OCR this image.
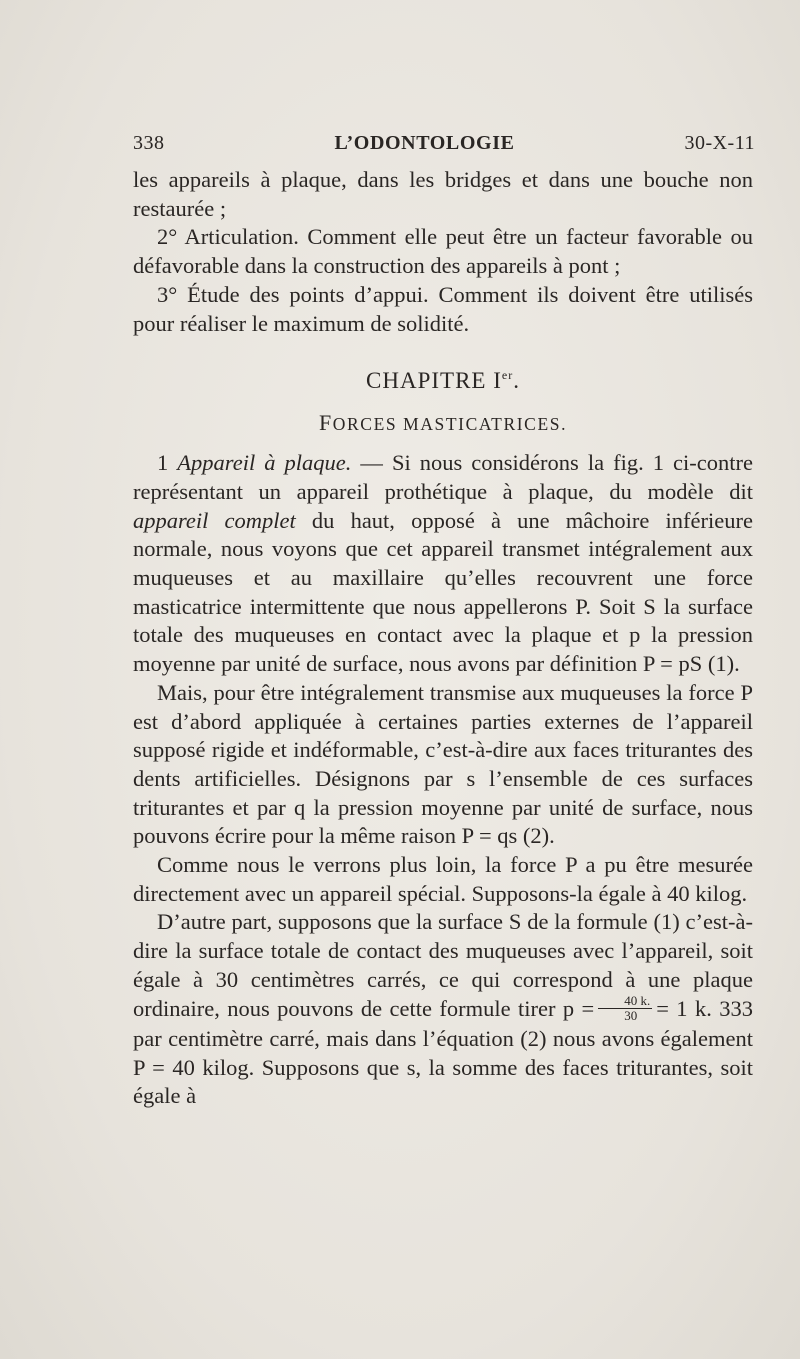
338	L’ODONTOLOGIE	30-X-11

les appareils à plaque, dans les bridges et dans une bouche non restaurée ;

2° Articulation. Comment elle peut être un facteur favorable ou défavorable dans la construction des appareils à pont ;

3° Étude des points d’appui. Comment ils doivent être utilisés pour réaliser le maximum de solidité.

CHAPITRE Ier.
FORCES MASTICATRICES.

1 Appareil à plaque. — Si nous considérons la fig. 1 ci-contre représentant un appareil prothétique à plaque, du modèle dit appareil complet du haut, opposé à une mâchoire inférieure normale, nous voyons que cet appareil transmet intégralement aux muqueuses et au maxillaire qu’elles recouvrent une force masticatrice intermittente que nous appellerons P. Soit S la surface totale des muqueuses en contact avec la plaque et p la pression moyenne par unité de surface, nous avons par définition P = pS (1).

Mais, pour être intégralement transmise aux muqueuses la force P est d’abord appliquée à certaines parties externes de l’appareil supposé rigide et indéformable, c’est-à-dire aux faces triturantes des dents artificielles. Désignons par s l’ensemble de ces surfaces triturantes et par q la pression moyenne par unité de surface, nous pouvons écrire pour la même raison P = qs (2).

Comme nous le verrons plus loin, la force P a pu être mesurée directement avec un appareil spécial. Supposons-la égale à 40 kilog.

D’autre part, supposons que la surface S de la formule (1) c’est-à-dire la surface totale de contact des muqueuses avec l’appareil, soit égale à 30 centimètres carrés, ce qui correspond à une plaque ordinaire, nous pouvons de cette formule tirer $p = \frac{40 k.}{30} = 1$ k. 333 par centimètre carré, mais dans l’équation (2) nous avons également P = 40 kilog. Supposons que s, la somme des faces triturantes, soit égale à
